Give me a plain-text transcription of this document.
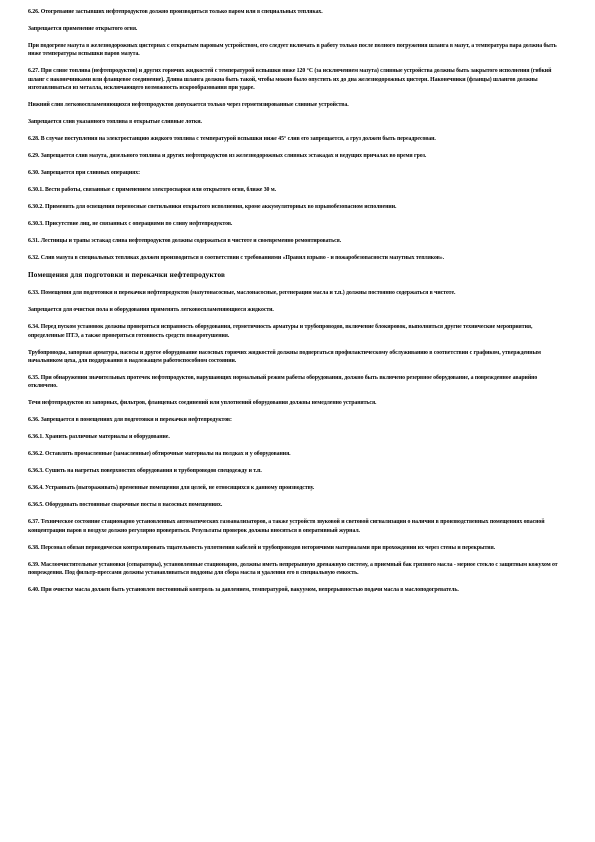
6.26. Отогревание застывших нефтепродуктов должно производиться только паром или в специальных тепляках.

Запрещается применение открытого огня.

При подогреве мазута в железнодорожных цистернах с открытым паровым устройством, его следует включать в работу только после полного погружения шланга в мазут, а температура пара должна быть ниже температуры вспышки паров мазута.

6.27. При сливе топлива (нефтепродуктов) и других горючих жидкостей с температурой вспышки ниже 120 °С (за исключением мазута) сливные устройства должны быть закрытого исполнения (гибкий шланг с наконечниками или фланцевое соединение). Длина шланга должна быть такой, чтобы можно было опустить их до дна железнодорожных цистерн. Наконечники (фланцы) шлангов должны изготавливаться из металла, исключающего возможность искрообразования при ударе.

Нижний слив легковоспламеняющихся нефтепродуктов допускается только через герметизированные сливные устройства.

Запрещается слив указанного топлива в открытые сливные лотки.

6.28. В случае поступления на электростанцию жидкого топлива с температурой вспышки ниже 45° слив его запрещается, а груз должен быть переадресован.

6.29. Запрещается слив мазута, дизельного топлива и других нефтепродуктов из железнодорожных сливных эстакадах и ведущих причалах во время гроз.

6.30. Запрещается при сливных операциях:

6.30.1. Вести работы, связанные с применением электросварки или открытого огня, ближе 30 м.

6.30.2. Применять для освещения переносные светильники открытого исполнения, кроме аккумуляторных во взрывобезопасном исполнении.

6.30.3. Присутствие лиц, не связанных с операциями по сливу нефтепродуктов.

6.31. Лестницы и трапы эстакад слива нефтепродуктов должны содержаться в чистоте и своевременно ремонтироваться.

6.32. Слив мазута в специальных тепляках должен производиться в соответствии с требованиями «Правил взрыво - и пожаробезопасности мазутных тепляков».

Помещения для подготовки и перекачки нефтепродуктов

6.33. Помещения для подготовки и перекачки нефтепродуктов (мазутонасосные, маслонасосные, регенерации масла и т.п.) должны постоянно содержаться в чистоте.

Запрещается для очистки пола и оборудования применять легковоспламеняющиеся жидкости.

6.34. Перед пуском установок должны проверяться исправность оборудования, герметичность арматуры и трубопроводов, включение блокировок, выполняться другие технические мероприятия, определенные ПТЭ, а также проверяться готовность средств пожаротушения.

Трубопроводы, запорная арматура, насосы и другое оборудование насосных горючих жидкостей должны подвергаться профилактическому обслуживанию в соответствии с графиком, утвержденным начальником цеха, для поддержания в надлежащем работоспособном состоянии.

6.35. При обнаружении значительных протечек нефтепродуктов, нарушающих нормальный режим работы оборудования, должно быть включено резервное оборудование, а поврежденное аварийно отключено.

Течи нефтепродуктов из запорных, фильтров, фланцевых соединений или уплотнений оборудования должны немедленно устраняться.

6.36. Запрещается в помещениях для подготовки и перекачки нефтепродуктов:

6.36.1. Хранить различные материалы и оборудование.

6.36.2. Оставлять промасленные (замасленные) обтирочные материалы на полдках и у оборудования.

6.36.3. Сушить на нагретых поверхностях оборудования и трубопроводов спецодежду и т.п.

6.36.4. Устраивать (выгораживать) временные помещения для целей, не относящихся к данному производству.

6.36.5. Оборудовать постоянные сварочные посты в насосных помещениях.

6.37. Техническое состояние стационарно установленных автоматических газоанализаторов, а также устройств звуковой и световой сигнализации о наличии в производственных помещениях опасной концентрации паров в воздухе должно регулярно проверяться. Результаты проверок должны вноситься в оперативный журнал.

6.38. Персонал обязан периодически контролировать тщательность уплотнения кабелей и трубопроводов негорючими материалами при прохождении их через стены и перекрытия.

6.39. Маслоочистительные установки (сепараторы), установленные стационарно, должны иметь непрерывную дренажную систему, а приемный бак грязного масла - мерное стекло с защитным кожухом от повреждения. Под фильтр-прессами должны устанавливаться поддоны для сбора масла и удаления его в специальную емкость.

6.40. При очистке масла должен быть установлен постоянный контроль за давлением, температурой, вакуумом, непрерывностью подачи масла в маслоподогреватель.
